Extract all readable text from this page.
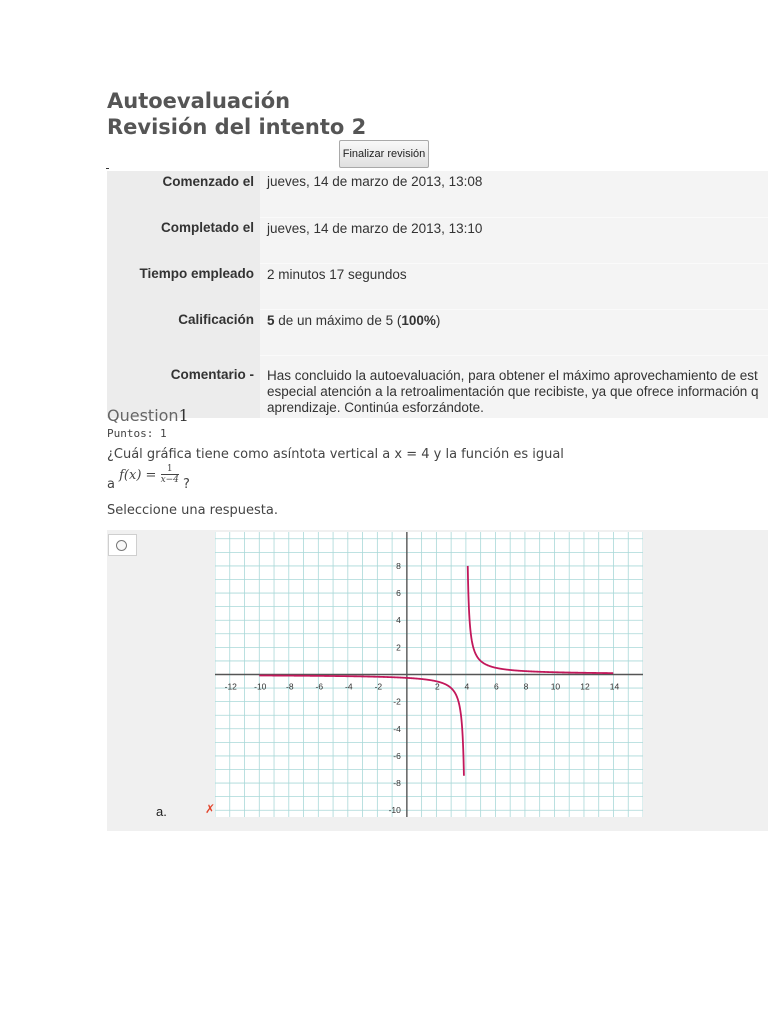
Autoevaluación
Revisión del intento 2
Finalizar revisión
Comenzado el	jueves, 14 de marzo de 2013, 13:08
Completado el	jueves, 14 de marzo de 2013, 13:10
Tiempo empleado	2 minutos 17 segundos
Calificación	5 de un máximo de 5 (100%)
Comentario -	Has concluido la autoevaluación, para obtener el máximo aprovechamiento de est
especial atención a la retroalimentación que recibiste, ya que ofrece información q
aprendizaje. Continúa esforzándote.
Question1
Puntos: 1
¿Cuál gráfica tiene como asíntota vertical a x = 4 y la función es igual
a $f(x) = \frac{1}{x-4}$ ?
Seleccione una respuesta.
a.	✗
-12 -10 -8	-6	-4	-2	2	4	6	8	10 12 14
8
6
4
2
-2
-4
-6
-8
-10
